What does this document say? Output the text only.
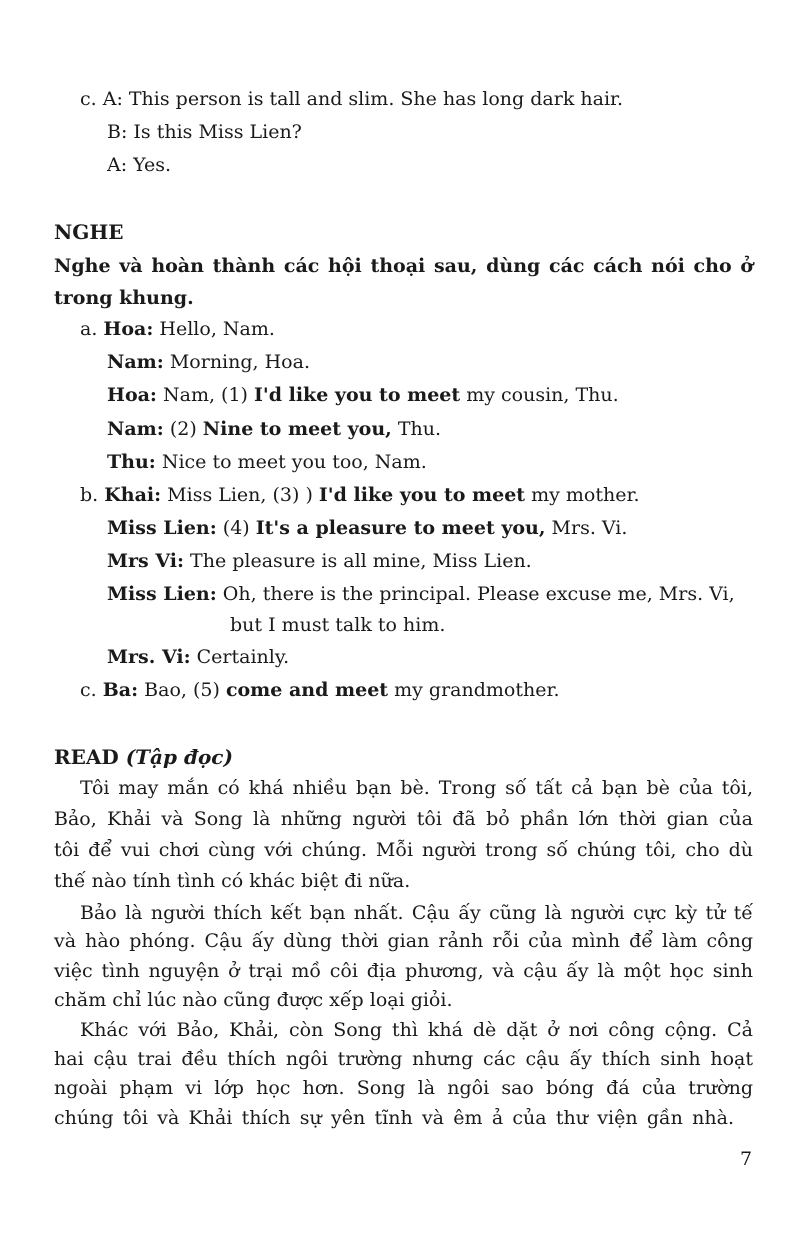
c. A: This person is tall and slim. She has long dark hair.
B: Is this Miss Lien?
A: Yes.
NGHE
Nghe và hoàn thành các hội thoại sau, dùng các cách nói cho ở
trong khung.
a. Hoa: Hello, Nam.
Nam: Morning, Hoa.
Hoa: Nam, (1) I'd like you to meet my cousin, Thu.
Nam: (2) Nine to meet you, Thu.
Thu: Nice to meet you too, Nam.
b. Khai: Miss Lien, (3) ) I'd like you to meet my mother.
Miss Lien: (4) It's a pleasure to meet you, Mrs. Vi.
Mrs Vi: The pleasure is all mine, Miss Lien.
Miss Lien: Oh, there is the principal. Please excuse me, Mrs. Vi,
but I must talk to him.
Mrs. Vi: Certainly.
c. Ba: Bao, (5) come and meet my grandmother.
READ (Tập đọc)
Tôi may mắn có khá nhiều bạn bè. Trong số tất cả bạn bè của tôi,
Bảo, Khải và Song là những người tôi đã bỏ phần lớn thời gian của
tôi để vui chơi cùng với chúng. Mỗi người trong số chúng tôi, cho dù
thế nào tính tình có khác biệt đi nữa.
Bảo là người thích kết bạn nhất. Cậu ấy cũng là người cực kỳ tử tế
và hào phóng. Cậu ấy dùng thời gian rảnh rỗi của mình để làm công
việc tình nguyện ở trại mồ côi địa phương, và cậu ấy là một học sinh
chăm chỉ lúc nào cũng được xếp loại giỏi.
Khác với Bảo, Khải, còn Song thì khá dè dặt ở nơi công cộng. Cả
hai cậu trai đều thích ngôi trường nhưng các cậu ấy thích sinh hoạt
ngoài phạm vi lớp học hơn. Song là ngôi sao bóng đá của trường
chúng tôi và Khải thích sự yên tĩnh và êm ả của thư viện gần nhà.
7
